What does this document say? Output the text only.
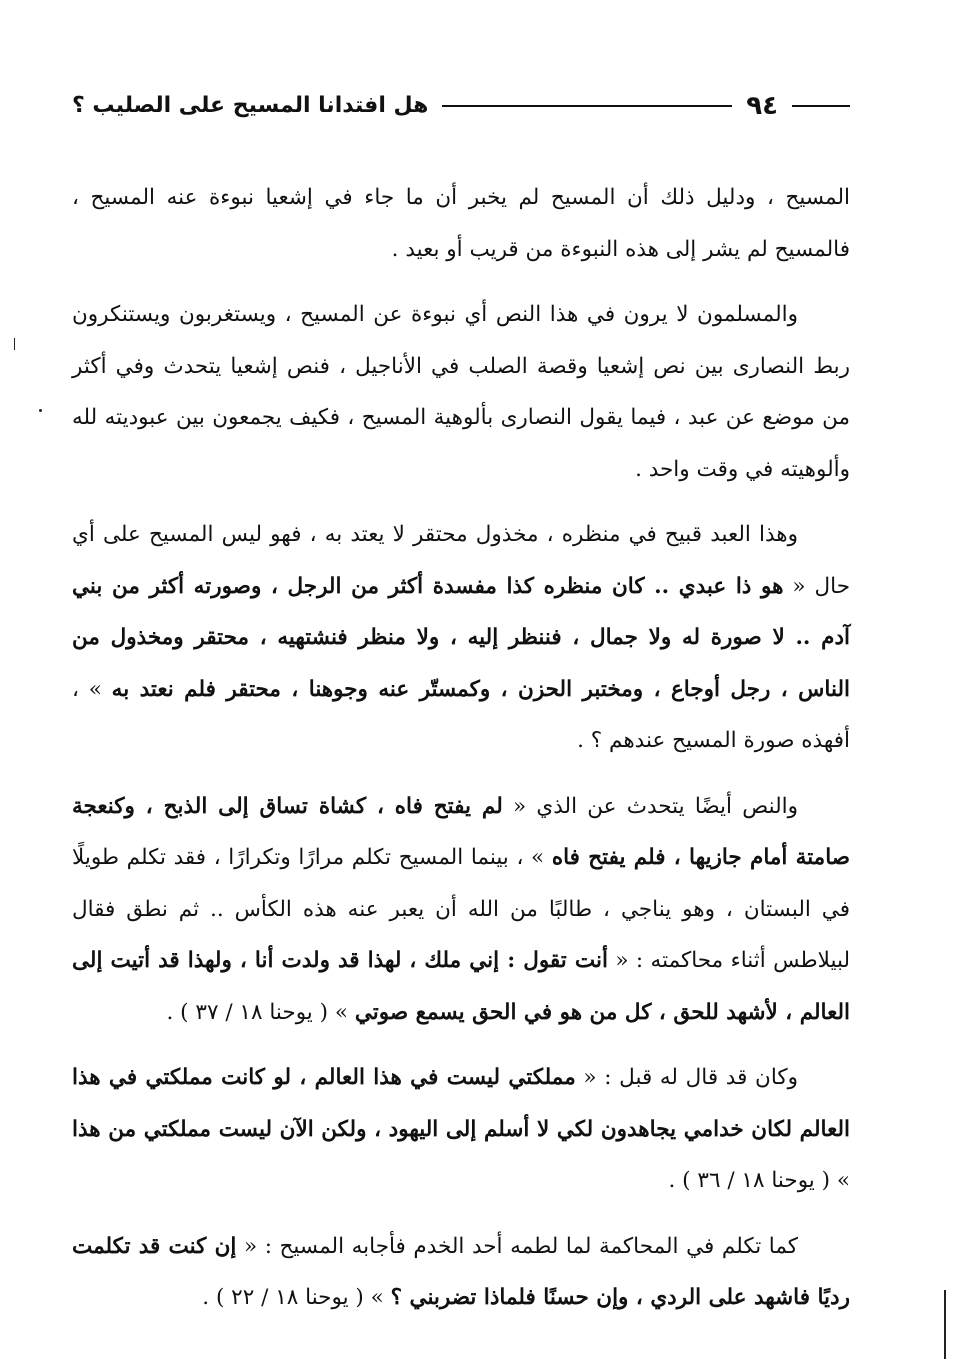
٩٤
هل افتدانا المسيح على الصليب ؟

المسيح ، ودليل ذلك أن المسيح لم يخبر أن ما جاء في إشعيا نبوءة عنه المسيح ، فالمسيح لم يشر إلى هذه النبوءة من قريب أو بعيد .

والمسلمون لا يرون في هذا النص أي نبوءة عن المسيح ، ويستغربون ويستنكرون ربط النصارى بين نص إشعيا وقصة الصلب في الأناجيل ، فنص إشعيا يتحدث وفي أكثر من موضع عن عبد ، فيما يقول النصارى بألوهية المسيح ، فكيف يجمعون بين عبوديته لله وألوهيته في وقت واحد .

وهذا العبد قبيح في منظره ، مخذول محتقر لا يعتد به ، فهو ليس المسيح على أي حال « هو ذا عبدي .. كان منظره كذا مفسدة أكثر من الرجل ، وصورته أكثر من بني آدم .. لا صورة له ولا جمال ، فننظر إليه ، ولا منظر فنشتهيه ، محتقر ومخذول من الناس ، رجل أوجاع ، ومختبر الحزن ، وكمستّر عنه وجوهنا ، محتقر فلم نعتد به » ، أفهذه صورة المسيح عندهم ؟ .

والنص أيضًا يتحدث عن الذي « لم يفتح فاه ، كشاة تساق إلى الذبح ، وكنعجة صامتة أمام جازيها ، فلم يفتح فاه » ، بينما المسيح تكلم مرارًا وتكرارًا ، فقد تكلم طويلًا في البستان ، وهو يناجي ، طالبًا من الله أن يعبر عنه هذه الكأس .. ثم نطق فقال لبيلاطس أثناء محاكمته : « أنت تقول : إني ملك ، لهذا قد ولدت أنا ، ولهذا قد أتيت إلى العالم ، لأشهد للحق ، كل من هو في الحق يسمع صوتي » ( يوحنا ١٨ / ٣٧ ) .

وكان قد قال له قبل : « مملكتي ليست في هذا العالم ، لو كانت مملكتي في هذا العالم لكان خدامي يجاهدون لكي لا أسلم إلى اليهود ، ولكن الآن ليست مملكتي من هذا » ( يوحنا ١٨ / ٣٦ ) .

كما تكلم في المحاكمة لما لطمه أحد الخدم فأجابه المسيح : « إن كنت قد تكلمت رديًا فاشهد على الردي ، وإن حسنًا فلماذا تضربني ؟ » ( يوحنا ١٨ / ٢٢ ) .
